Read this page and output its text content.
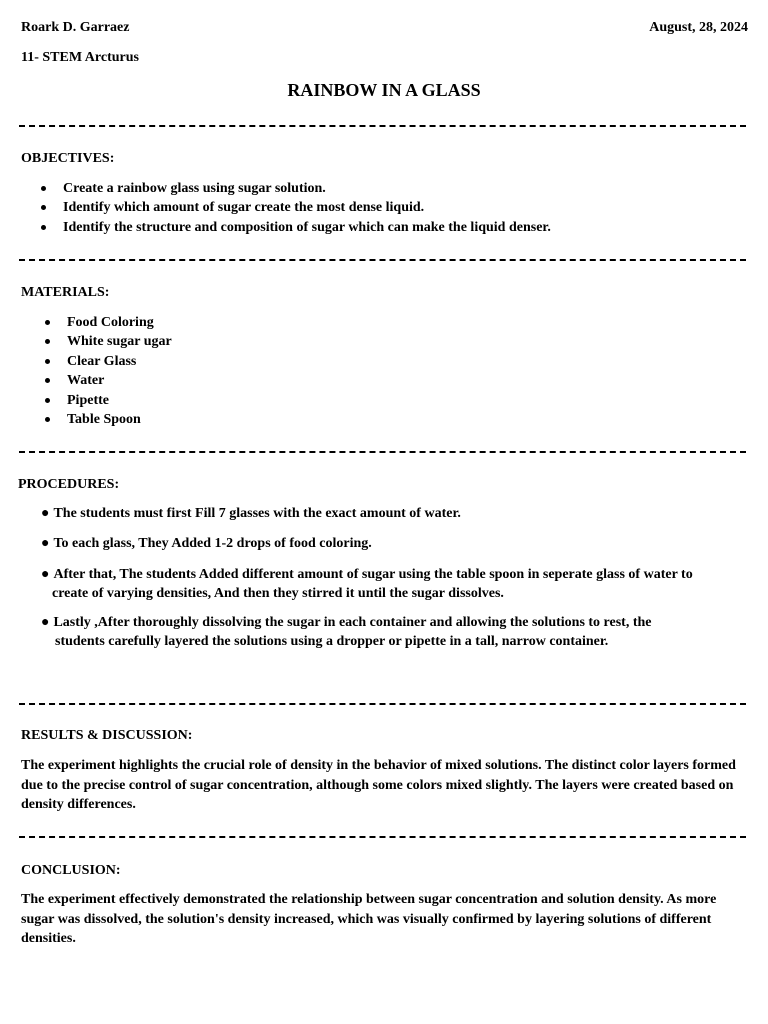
Roark D. Garraez	August, 28, 2024
11- STEM Arcturus
RAINBOW IN A GLASS
OBJECTIVES:
Create a rainbow glass using sugar solution.
Identify which amount of sugar create the most dense liquid.
Identify the structure and composition of sugar which can make the liquid denser.
MATERIALS:
Food Coloring
White sugar ugar
Clear Glass
Water
Pipette
Table Spoon
PROCEDURES:
● The students must first Fill 7 glasses with the exact amount of water.
● To each glass, They Added 1-2 drops of food coloring.
● After that, The students Added different amount of sugar using the table spoon in seperate glass of water to
create of varying densities, And then they stirred it until the sugar dissolves.
● Lastly ,After thoroughly dissolving the sugar in each container and allowing the solutions to rest, the
students carefully layered the solutions using a dropper or pipette in a tall, narrow container.
RESULTS & DISCUSSION:
The experiment highlights the crucial role of density in the behavior of mixed solutions. The distinct color layers formed due to the precise control of sugar concentration, although some colors mixed slightly. The layers were created based on density differences.
CONCLUSION:
The experiment effectively demonstrated the relationship between sugar concentration and solution density. As more sugar was dissolved, the solution's density increased, which was visually confirmed by layering solutions of different densities.
